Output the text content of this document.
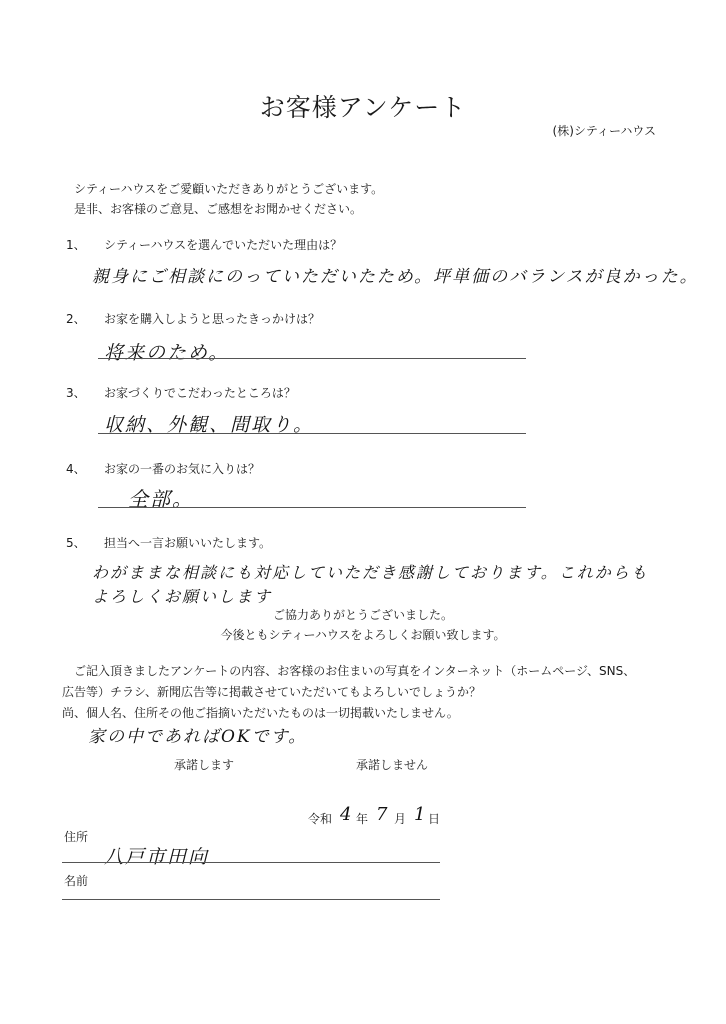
お客様アンケート
(株)シティーハウス
シティーハウスをご愛顧いただきありがとうございます。
是非、お客様のご意見、ご感想をお聞かせください。
1、 シティーハウスを選んでいただいた理由は？
親身にご相談にのっていただいたため。坪単価のバランスが良かった。
2、 お家を購入しようと思ったきっかけは？
将来のため。
3、 お家づくりでこだわったところは？
収納、外観、間取り。
4、 お家の一番のお気に入りは？
全部。
5、 担当へ一言お願いいたします。
わがままな相談にも対応していただき感謝しております。これからも
よろしくお願いします
ご協力ありがとうございました。
今後ともシティーハウスをよろしくお願い致します。
ご記入頂きましたアンケートの内容、お客様のお住まいの写真をインターネット（ホームページ、SNS、
広告等）チラシ、新聞広告等に掲載させていただいてもよろしいでしょうか？
尚、個人名、住所その他ご指摘いただいたものは一切掲載いたしません。
家の中であればOKです。
承諾します	承諾しません
令和 4 年 7 月 1 日
住所
八戸市田向
名前
